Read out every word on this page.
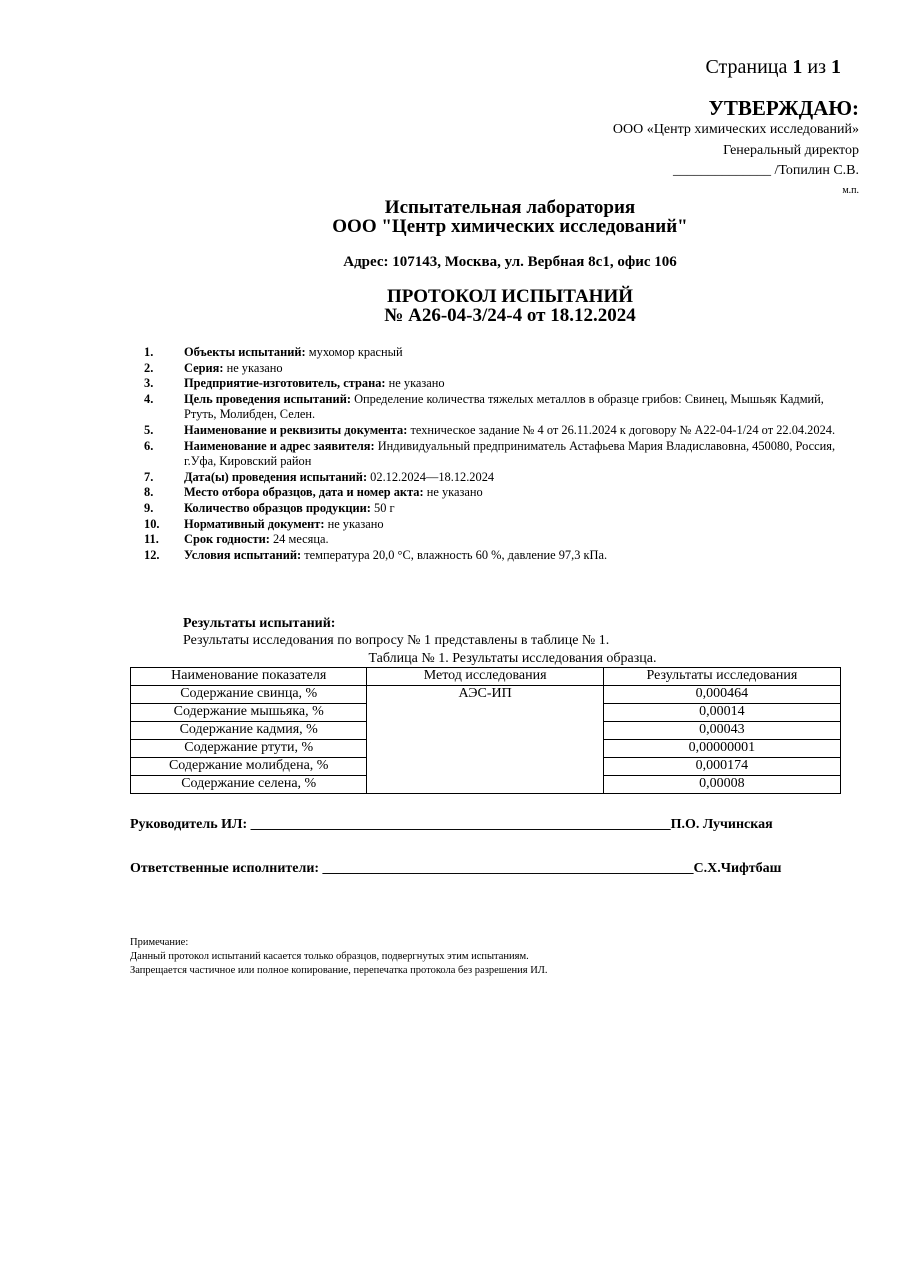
Страница 1 из 1
УТВЕРЖДАЮ:
ООО «Центр химических исследований»
Генеральный директор
______________ /Топилин С.В.
м.п.
Испытательная лаборатория
ООО "Центр химических исследований"
Адрес: 107143, Москва, ул. Вербная 8с1, офис 106
ПРОТОКОЛ ИСПЫТАНИЙ
№ А26-04-3/24-4 от 18.12.2024
1.	Объекты испытаний: мухомор красный
2.	Серия: не указано
3.	Предприятие-изготовитель, страна: не указано
4.	Цель проведения испытаний: Определение количества тяжелых металлов в образце грибов: Свинец, Мышьяк Кадмий, Ртуть, Молибден, Селен.
5.	Наименование и реквизиты документа: техническое задание № 4 от 26.11.2024 к договору № А22-04-1/24 от 22.04.2024.
6.	Наименование и адрес заявителя: Индивидуальный предприниматель Астафьева Мария Владиславовна, 450080, Россия, г.Уфа, Кировский район
7.	Дата(ы) проведения испытаний: 02.12.2024—18.12.2024
8.	Место отбора образцов, дата и номер акта: не указано
9.	Количество образцов продукции: 50 г
10.	Нормативный документ: не указано
11.	Срок годности: 24 месяца.
12.	Условия испытаний: температура 20,0 °С, влажность 60 %, давление 97,3 кПа.
Результаты испытаний:
Результаты исследования по вопросу № 1 представлены в таблице № 1.
Таблица № 1. Результаты исследования образца.
Наименование показателя	Метод исследования	Результаты исследования
Содержание свинца, %	АЭС-ИП	0,000464
Содержание мышьяка, %		0,00014
Содержание кадмия, %		0,00043
Содержание ртути, %		0,00000001
Содержание молибдена, %		0,000174
Содержание селена, %		0,00008
Руководитель ИЛ: ____________________________________________________________П.О. Лучинская
Ответственные исполнители: _____________________________________________________С.Х.Чифтбаш
Примечание:
Данный протокол испытаний касается только образцов, подвергнутых этим испытаниям.
Запрещается частичное или полное копирование, перепечатка протокола без разрешения ИЛ.
